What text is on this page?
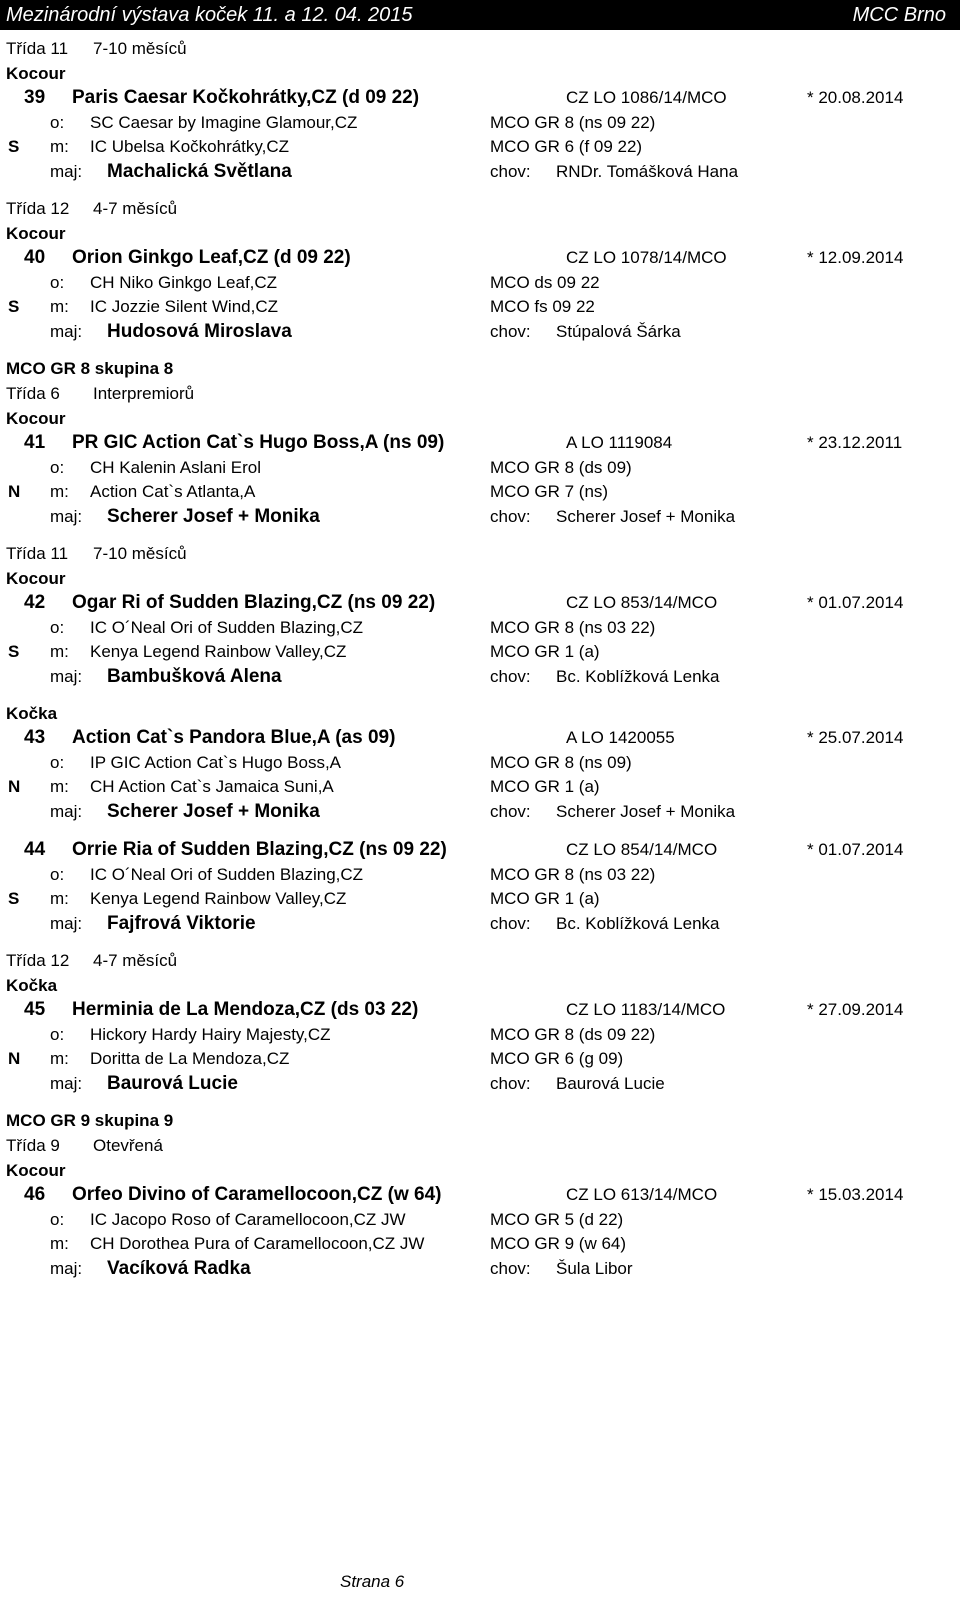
Mezinárodní výstava koček 11. a 12. 04. 2015	MCC Brno
Třída 11 7-10 měsíců
Kocour
39 Paris Caesar Kočkohrátky,CZ (d 09 22)	CZ LO 1086/14/MCO	* 20.08.2014
o: SC Caesar by Imagine Glamour,CZ	MCO GR 8 (ns 09 22)
S m: IC Ubelsa Kočkohrátky,CZ	MCO GR 6 (f 09 22)
maj: Machalická Světlana	chov: RNDr. Tomášková Hana
Třída 12 4-7 měsíců
Kocour
40 Orion Ginkgo Leaf,CZ (d 09 22)	CZ LO 1078/14/MCO	* 12.09.2014
o: CH Niko Ginkgo Leaf,CZ	MCO ds 09 22
S m: IC Jozzie Silent Wind,CZ	MCO fs 09 22
maj: Hudosová Miroslava	chov: Stúpalová Šárka
MCO GR 8 skupina 8
Třída 6 Interpremiorů
Kocour
41 PR GIC Action Cat`s Hugo Boss,A (ns 09)	A LO 1119084	* 23.12.2011
o: CH Kalenin Aslani Erol	MCO GR 8 (ds 09)
N m: Action Cat`s Atlanta,A	MCO GR 7 (ns)
maj: Scherer Josef + Monika	chov: Scherer Josef + Monika
Třída 11 7-10 měsíců
Kocour
42 Ogar Ri of Sudden Blazing,CZ (ns 09 22)	CZ LO 853/14/MCO	* 01.07.2014
o: IC O´Neal Ori of Sudden Blazing,CZ	MCO GR 8 (ns 03 22)
S m: Kenya Legend Rainbow Valley,CZ	MCO GR 1 (a)
maj: Bambušková Alena	chov: Bc. Koblížková Lenka
Kočka
43 Action Cat`s Pandora Blue,A (as 09)	A LO 1420055	* 25.07.2014
o: IP GIC Action Cat`s Hugo Boss,A	MCO GR 8 (ns 09)
N m: CH Action Cat`s Jamaica Suni,A	MCO GR 1 (a)
maj: Scherer Josef + Monika	chov: Scherer Josef + Monika
44 Orrie Ria of Sudden Blazing,CZ (ns 09 22)	CZ LO 854/14/MCO	* 01.07.2014
o: IC O´Neal Ori of Sudden Blazing,CZ	MCO GR 8 (ns 03 22)
S m: Kenya Legend Rainbow Valley,CZ	MCO GR 1 (a)
maj: Fajfrová Viktorie	chov: Bc. Koblížková Lenka
Třída 12 4-7 měsíců
Kočka
45 Herminia de La Mendoza,CZ (ds 03 22)	CZ LO 1183/14/MCO	* 27.09.2014
o: Hickory Hardy Hairy Majesty,CZ	MCO GR 8 (ds 09 22)
N m: Doritta de La Mendoza,CZ	MCO GR 6 (g 09)
maj: Baurová Lucie	chov: Baurová Lucie
MCO GR 9 skupina 9
Třída 9 Otevřená
Kocour
46 Orfeo Divino of Caramellocoon,CZ (w 64)	CZ LO 613/14/MCO	* 15.03.2014
o: IC Jacopo Roso of Caramellocoon,CZ JW	MCO GR 5 (d 22)
m: CH Dorothea Pura of Caramellocoon,CZ JW	MCO GR 9 (w 64)
maj: Vacíková Radka	chov: Šula Libor
Strana 6
